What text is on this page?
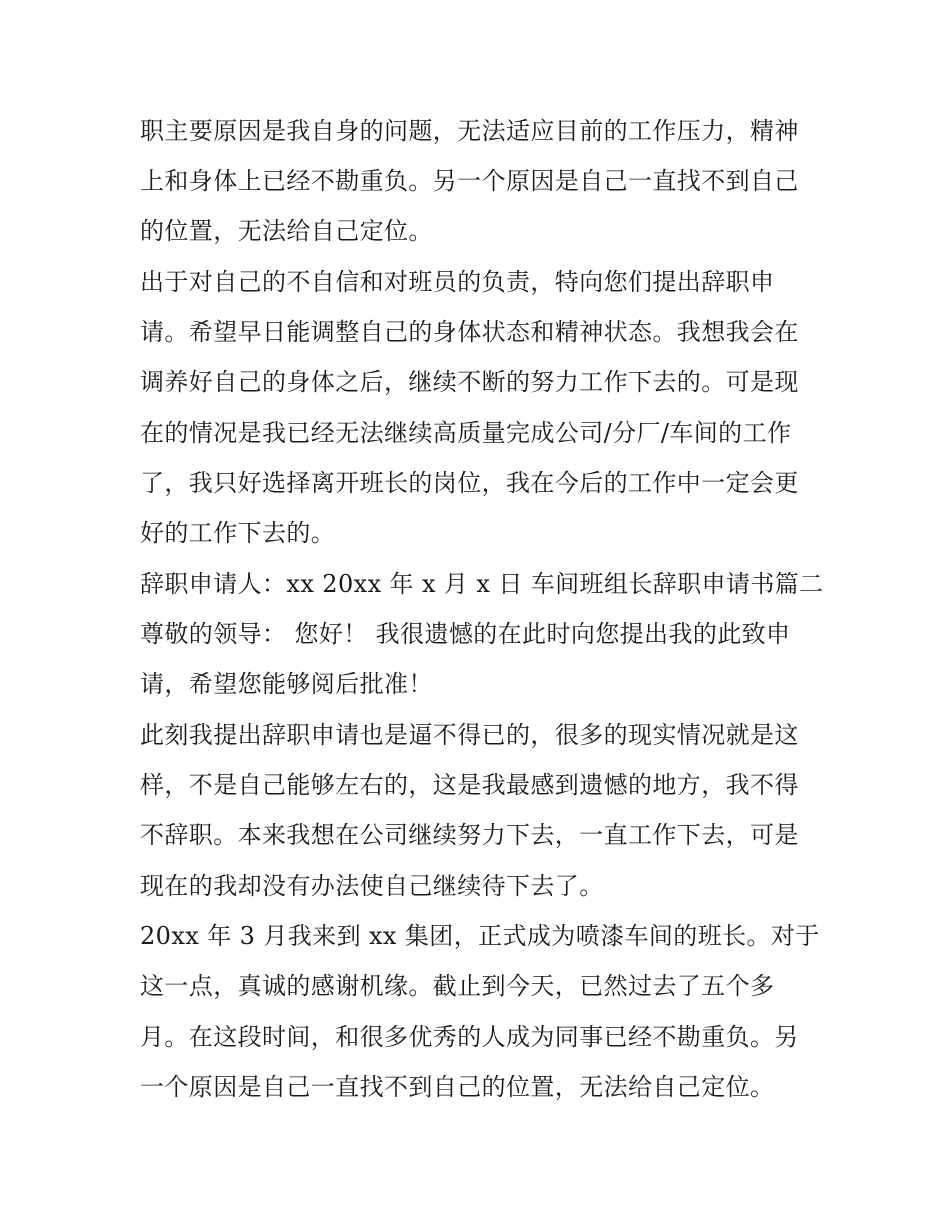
职主要原因是我自身的问题，无法适应目前的工作压力，精神
上和身体上已经不勘重负。另一个原因是自己一直找不到自己
的位置，无法给自己定位。
出于对自己的不自信和对班员的负责，特向您们提出辞职申
请。希望早日能调整自己的身体状态和精神状态。我想我会在
调养好自己的身体之后，继续不断的努力工作下去的。可是现
在的情况是我已经无法继续高质量完成公司/分厂/车间的工作
了，我只好选择离开班长的岗位，我在今后的工作中一定会更
好的工作下去的。
辞职申请人：xx 20xx 年 x 月 x 日 车间班组长辞职申请书篇二
尊敬的领导： 您好！ 我很遗憾的在此时向您提出我的此致申
请，希望您能够阅后批准！
此刻我提出辞职申请也是逼不得已的，很多的现实情况就是这
样，不是自己能够左右的，这是我最感到遗憾的地方，我不得
不辞职。本来我想在公司继续努力下去，一直工作下去，可是
现在的我却没有办法使自己继续待下去了。
20xx 年 3 月我来到 xx 集团，正式成为喷漆车间的班长。对于
这一点，真诚的感谢机缘。截止到今天，已然过去了五个多
月。在这段时间，和很多优秀的人成为同事已经不勘重负。另
一个原因是自己一直找不到自己的位置，无法给自己定位。
